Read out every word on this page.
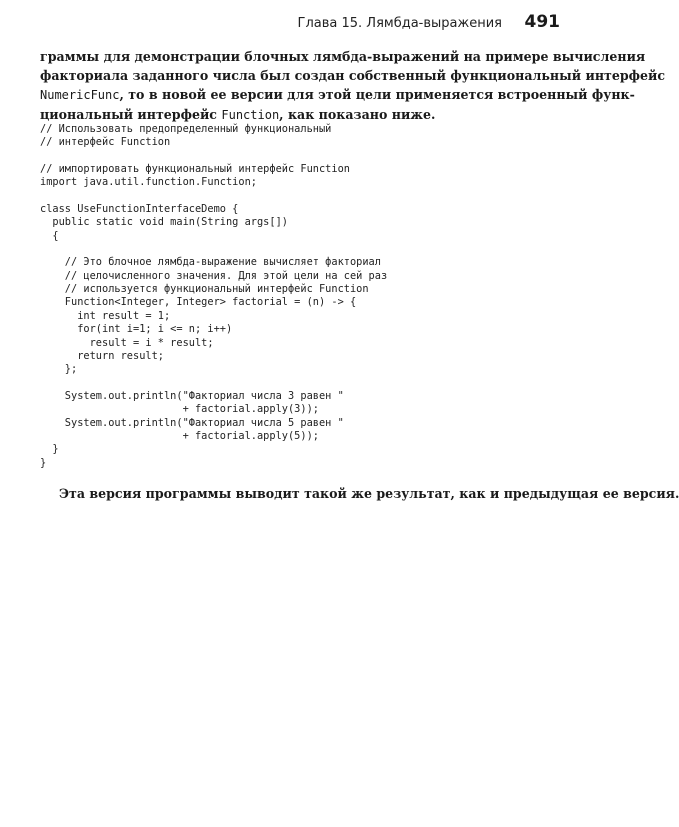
Глава 15. Лямбда-выражения 491
граммы для демонстрации блочных лямбда-выражений на примере вычисления
факториала заданного числа был создан собственный функциональный интерфейс
NumericFunc, то в новой ее версии для этой цели применяется встроенный функ-
циональный интерфейс Function, как показано ниже.
// Использовать предопределенный функциональный
// интерфейс Function

// импортировать функциональный интерфейс Function
import java.util.function.Function;

class UseFunctionInterfaceDemo {
public static void main(String args[])
{

// Это блочное лямбда-выражение вычисляет факториал
// целочисленного значения. Для этой цели на сей раз
// используется функциональный интерфейс Function
Function<Integer, Integer> factorial = (n) -> {
int result = 1;
for(int i=1; i <= n; i++)
result = i * result;
return result;
};

System.out.println("Факториал числа 3 равен "
+ factorial.apply(3));
System.out.println("Факториал числа 5 равен "
+ factorial.apply(5));
}
}
Эта версия программы выводит такой же результат, как и предыдущая ее версия.
